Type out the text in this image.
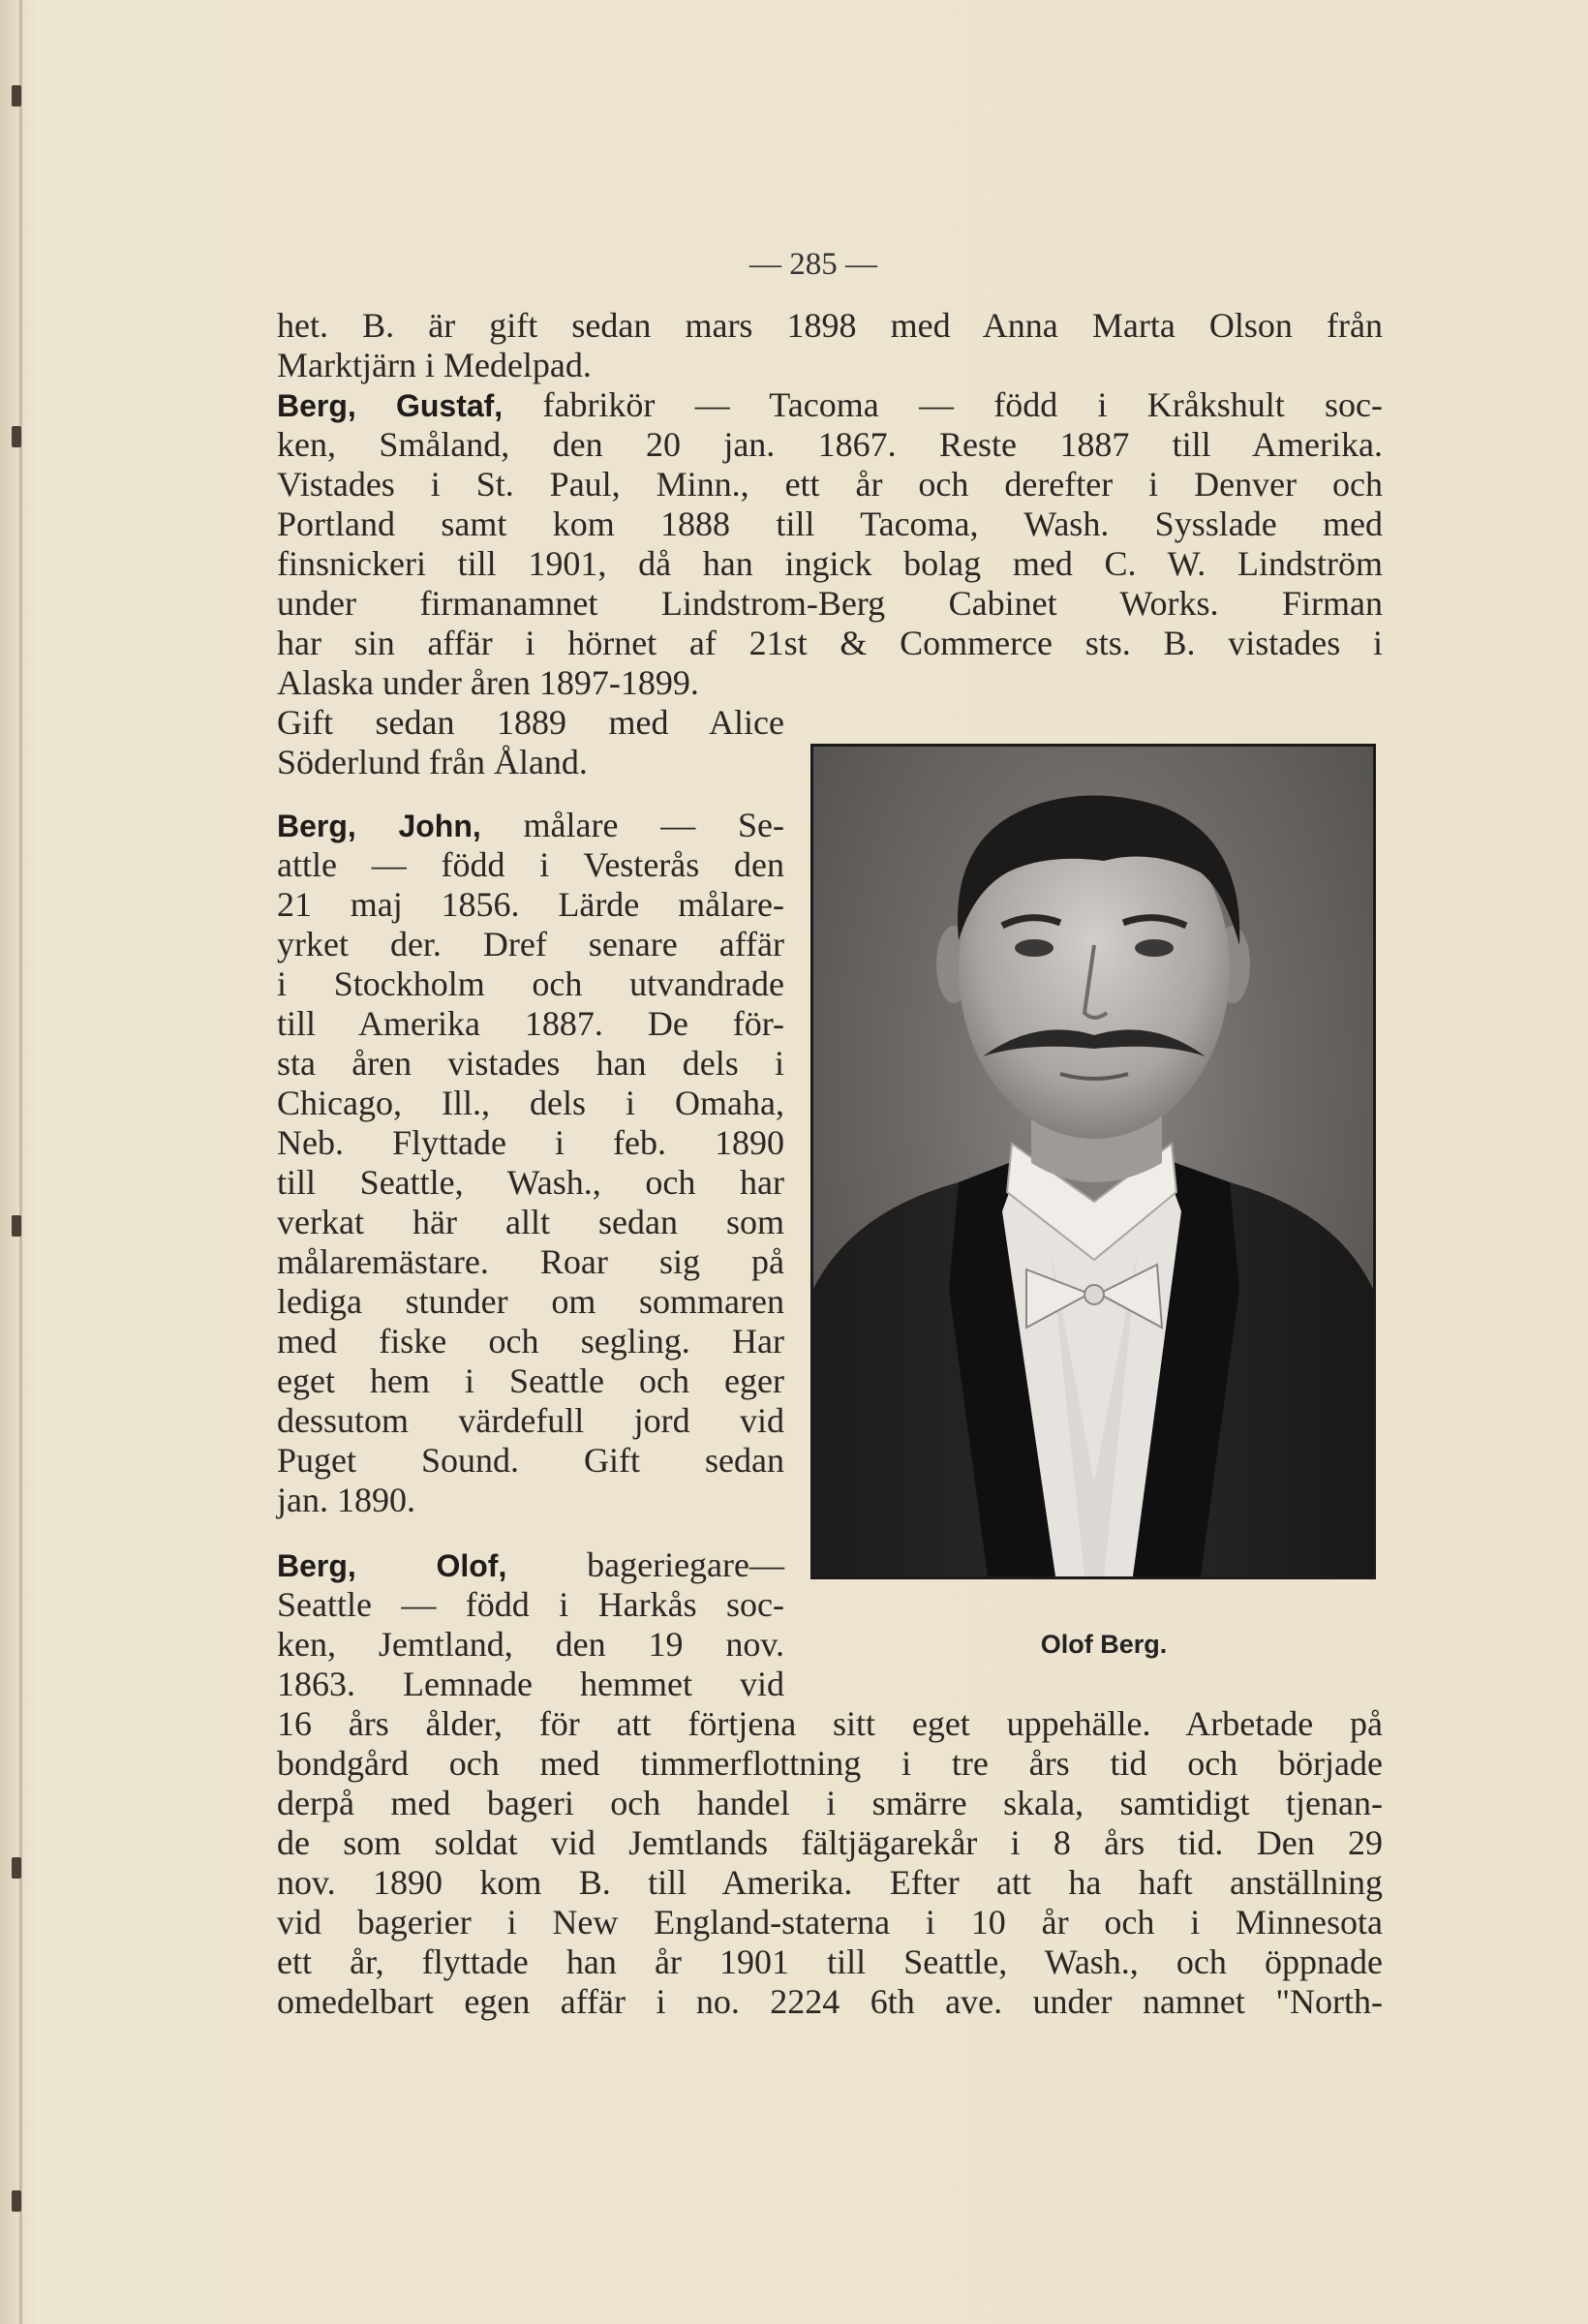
— 285 —
het. B. är gift sedan mars 1898 med Anna Marta Olson från
Marktjärn i Medelpad.
Berg, Gustaf, fabrikör — Tacoma — född i Kråkshult soc-
ken, Småland, den 20 jan. 1867. Reste 1887 till Amerika.
Vistades i St. Paul, Minn., ett år och derefter i Denver och
Portland samt kom 1888 till Tacoma, Wash. Sysslade med
finsnickeri till 1901, då han ingick bolag med C. W. Lindström
under firmanamnet Lindstrom-Berg Cabinet Works. Firman
har sin affär i hörnet af 21st & Commerce sts. B. vistades i
Alaska under åren 1897-1899.
Gift sedan 1889 med Alice
Söderlund från Åland.
Berg, John, målare — Se-
attle — född i Vesterås den
21 maj 1856. Lärde målare-
yrket der. Dref senare affär
i Stockholm och utvandrade
till Amerika 1887. De för-
sta åren vistades han dels i
Chicago, Ill., dels i Omaha,
Neb. Flyttade i feb. 1890
till Seattle, Wash., och har
verkat här allt sedan som
målaremästare. Roar sig på
lediga stunder om sommaren
med fiske och segling. Har
eget hem i Seattle och eger
dessutom värdefull jord vid
Puget Sound. Gift sedan
jan. 1890.
Berg, Olof, bageriegare—
Seattle — född i Harkås soc-
ken, Jemtland, den 19 nov.
1863. Lemnade hemmet vid
16 års ålder, för att förtjena sitt eget uppehälle. Arbetade på
bondgård och med timmerflottning i tre års tid och började
derpå med bageri och handel i smärre skala, samtidigt tjenan-
de som soldat vid Jemtlands fältjägarekår i 8 års tid. Den 29
nov. 1890 kom B. till Amerika. Efter att ha haft anställning
vid bagerier i New England-staterna i 10 år och i Minnesota
ett år, flyttade han år 1901 till Seattle, Wash., och öppnade
omedelbart egen affär i no. 2224 6th ave. under namnet "North-
Olof Berg.
